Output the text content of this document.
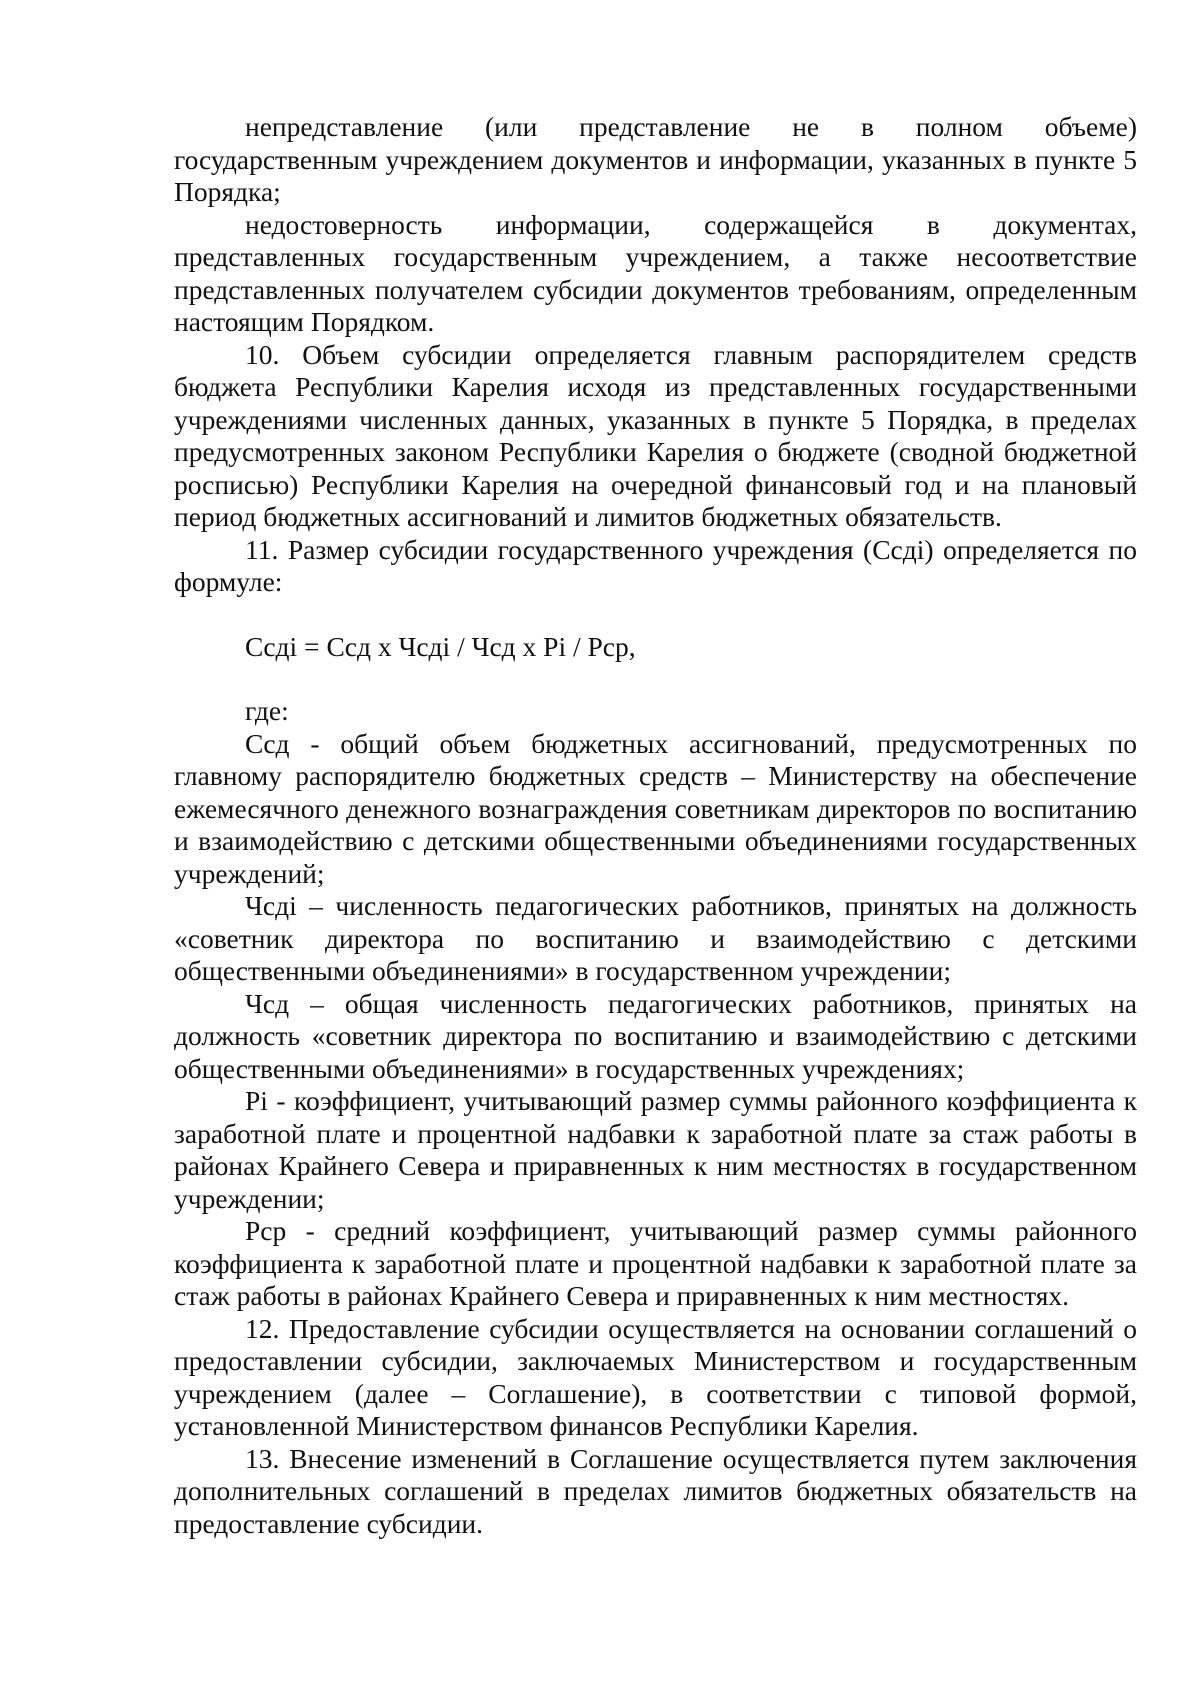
непредставление (или представление не в полном объеме) государственным учреждением документов и информации, указанных в пункте 5 Порядка;

недостоверность информации, содержащейся в документах, представленных государственным учреждением, а также несоответствие представленных получателем субсидии документов требованиям, определенным настоящим Порядком.

10. Объем субсидии определяется главным распорядителем средств бюджета Республики Карелия исходя из представленных государственными учреждениями численных данных, указанных в пункте 5 Порядка, в пределах предусмотренных законом Республики Карелия о бюджете (сводной бюджетной росписью) Республики Карелия на очередной финансовый год и на плановый период бюджетных ассигнований и лимитов бюджетных обязательств.

11. Размер субсидии государственного учреждения (Ccдi) определяется по формуле:

Ccдi = Ccд x Чcдi / Чcд x Pi / Pcp,

где:

Ccд - общий объем бюджетных ассигнований, предусмотренных по главному распорядителю бюджетных средств – Министерству на обеспечение ежемесячного денежного вознаграждения советникам директоров по воспитанию и взаимодействию с детскими общественными объединениями государственных учреждений;

Чcдi – численность педагогических работников, принятых на должность «советник директора по воспитанию и взаимодействию с детскими общественными объединениями» в государственном учреждении;

Чcд – общая численность педагогических работников, принятых на должность «советник директора по воспитанию и взаимодействию с детскими общественными объединениями» в государственных учреждениях;

Pi - коэффициент, учитывающий размер суммы районного коэффициента к заработной плате и процентной надбавки к заработной плате за стаж работы в районах Крайнего Севера и приравненных к ним местностях в государственном учреждении;

Pcp - средний коэффициент, учитывающий размер суммы районного коэффициента к заработной плате и процентной надбавки к заработной плате за стаж работы в районах Крайнего Севера и приравненных к ним местностях.

12. Предоставление субсидии осуществляется на основании соглашений о предоставлении субсидии, заключаемых Министерством и государственным учреждением (далее – Соглашение), в соответствии с типовой формой, установленной Министерством финансов Республики Карелия.

13. Внесение изменений в Соглашение осуществляется путем заключения дополнительных соглашений в пределах лимитов бюджетных обязательств на предоставление субсидии.
